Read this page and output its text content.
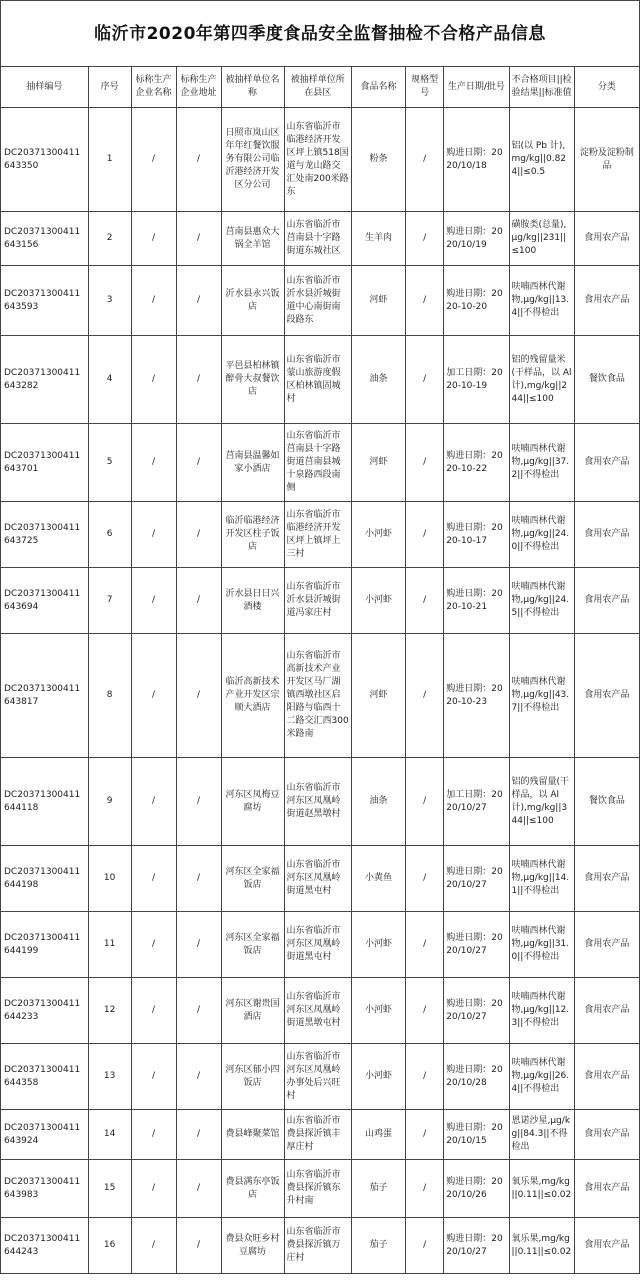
临沂市2020年第四季度食品安全监督抽检不合格产品信息
抽样编号	序号	标称生产企业名称	标称生产企业地址	被抽样单位名称	被抽样单位所在县区	食品名称	规格型号	生产日期/批号	不合格项目||检验结果||标准值	分类
DC20371300411643350	1	/	/	日照市岚山区年年红餐饮服务有限公司临沂港经济开发区分公司	山东省临沂市临港经济开发区坪上镇518国道与龙山路交汇处南200米路东	粉条	/	购进日期：2020/10/18	铝(以 Pb 计),mg/kg||0.824||≤0.5	淀粉及淀粉制品
DC20371300411643156	2	/	/	莒南县惠众大锅全羊馆	山东省临沂市莒南县十字路街道东城社区	生羊肉	/	购进日期：2020/10/19	磺胺类(总量),μg/kg||231||≤100	食用农产品
DC20371300411643593	3	/	/	沂水县永兴饭店	山东省临沂市沂水县沂城街道中心南街南段路东	河虾	/	购进日期：2020-10-20	呋喃西林代谢物,μg/kg||13.4||不得检出	食用农产品
DC20371300411643282	4	/	/	平邑县柏林镇醉骨大叔餐饮店	山东省临沂市蒙山旅游度假区柏林镇固城村	油条	/	加工日期：2020-10-19	铝的残留量米(干样品，以 Al 计),mg/kg||244||≤100	餐饮食品
DC20371300411643701	5	/	/	莒南县温馨如家小酒店	山东省临沂市莒南县十字路街道莒南县城十泉路西段南侧	河虾	/	购进日期：2020-10-22	呋喃西林代谢物,μg/kg||37.2||不得检出	食用农产品
DC20371300411643725	6	/	/	临沂临港经济开发区柱子饭店	山东省临沂市临港经济开发区坪上镇坪上三村	小河虾	/	购进日期：2020-10-17	呋喃西林代谢物,μg/kg||24.0||不得检出	食用农产品
DC20371300411643694	7	/	/	沂水县日日兴酒楼	山东省临沂市沂水县沂城街道冯家庄村	小河虾	/	购进日期：2020-10-21	呋喃西林代谢物,μg/kg||24.5||不得检出	食用农产品
DC20371300411643817	8	/	/	临沂高新技术产业开发区宗顺大酒店	山东省临沂市高新技术产业开发区马厂湖镇西墩社区启阳路与临西十二路交汇西300米路南	河虾	/	购进日期：2020-10-23	呋喃西林代谢物,μg/kg||43.7||不得检出	食用农产品
DC20371300411644118	9	/	/	河东区凤梅豆腐坊	山东省临沂市河东区凤凰岭街道赵黑墩村	油条	/	加工日期：2020/10/27	铝的残留量(干样品，以 Al 计),mg/kg||344||≤100	餐饮食品
DC20371300411644198	10	/	/	河东区全家福饭店	山东省临沂市河东区凤凰岭街道黑屯村	小黄鱼	/	购进日期：2020/10/27	呋喃西林代谢物,μg/kg||14.1||不得检出	食用农产品
DC20371300411644199	11	/	/	河东区全家福饭店	山东省临沂市河东区凤凰岭街道黑屯村	小河虾	/	购进日期：2020/10/27	呋喃西林代谢物,μg/kg||31.0||不得检出	食用农产品
DC20371300411644233	12	/	/	河东区谢贵国酒店	山东省临沂市河东区凤凰岭街道黑墩屯村	小河虾	/	购进日期：2020/10/27	呋喃西林代谢物,μg/kg||12.3||不得检出	食用农产品
DC20371300411644358	13	/	/	河东区郁小四饭店	山东省临沂市河东区凤凰岭办事处后兴旺村	小河虾	/	购进日期：2020/10/28	呋喃西林代谢物,μg/kg||26.4||不得检出	食用农产品
DC20371300411643924	14	/	/	费县峰聚菜馆	山东省临沂市费县探沂镇丰厚庄村	山鸡蛋	/	购进日期：2020/10/15	恩诺沙星,μg/kg||84.3||不得检出	食用农产品
DC20371300411643983	15	/	/	费县满东亭饭店	山东省临沂市费县探沂镇东升村南	茄子	/	购进日期：2020/10/26	氧乐果,mg/kg||0.11||≤0.02	食用农产品
DC20371300411644243	16	/	/	费县众旺乡村豆腐坊	山东省临沂市费县探沂镇万庄村	茄子	/	购进日期：2020/10/27	氧乐果,mg/kg||0.11||≤0.02	食用农产品
